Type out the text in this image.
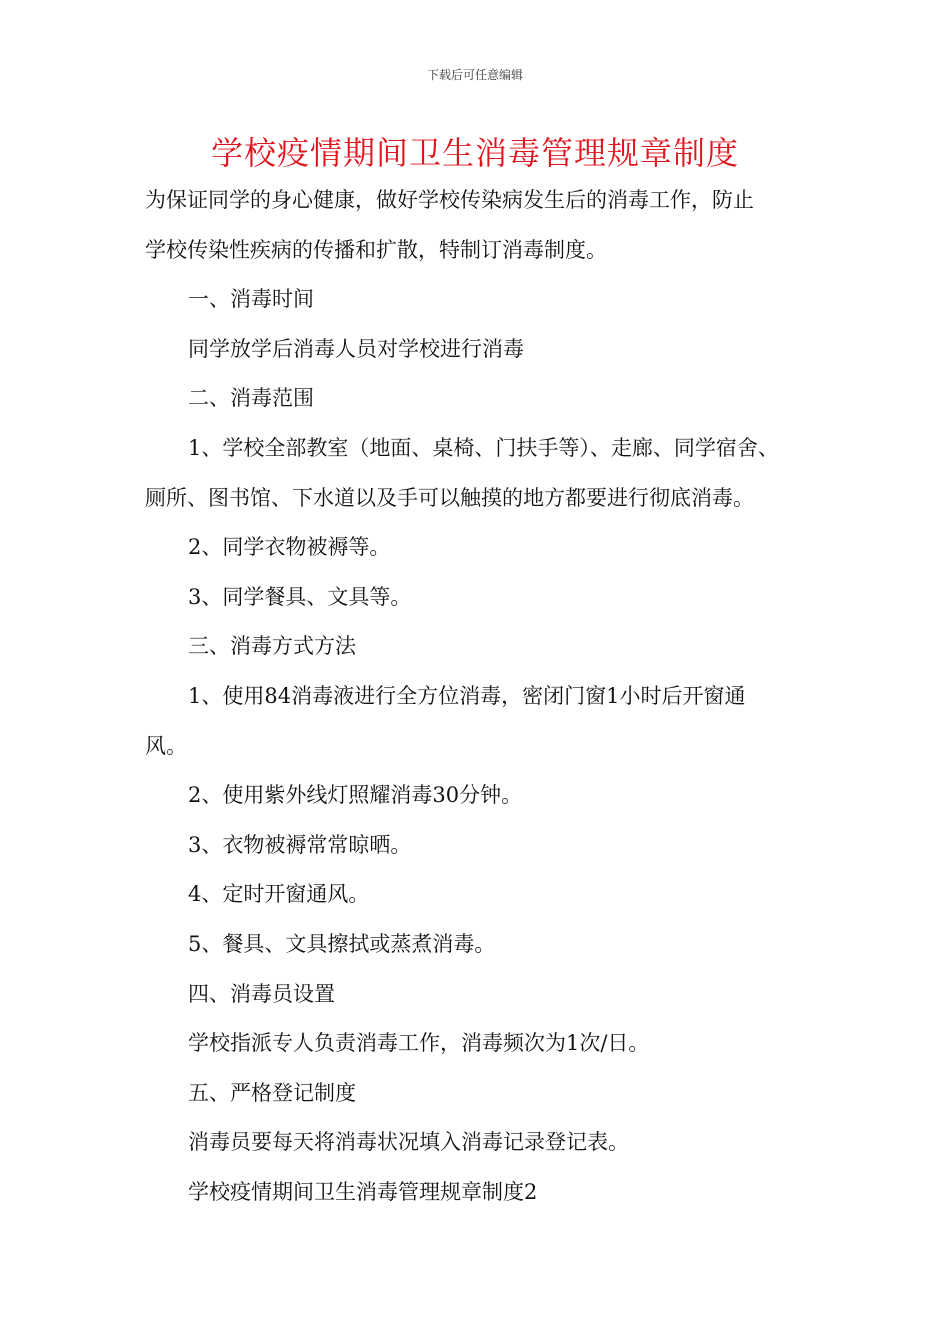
下载后可任意编辑
学校疫情期间卫生消毒管理规章制度
为保证同学的身心健康，做好学校传染病发生后的消毒工作，防止
学校传染性疾病的传播和扩散，特制订消毒制度。
一、消毒时间
同学放学后消毒人员对学校进行消毒
二、消毒范围
1、学校全部教室（地面、桌椅、门扶手等）、走廊、同学宿舍、
厕所、图书馆、下水道以及手可以触摸的地方都要进行彻底消毒。
2、同学衣物被褥等。
3、同学餐具、文具等。
三、消毒方式方法
1、使用84消毒液进行全方位消毒，密闭门窗1小时后开窗通
风。
2、使用紫外线灯照耀消毒30分钟。
3、衣物被褥常常晾晒。
4、定时开窗通风。
5、餐具、文具擦拭或蒸煮消毒。
四、消毒员设置
学校指派专人负责消毒工作，消毒频次为1次/日。
五、严格登记制度
消毒员要每天将消毒状况填入消毒记录登记表。
学校疫情期间卫生消毒管理规章制度2
